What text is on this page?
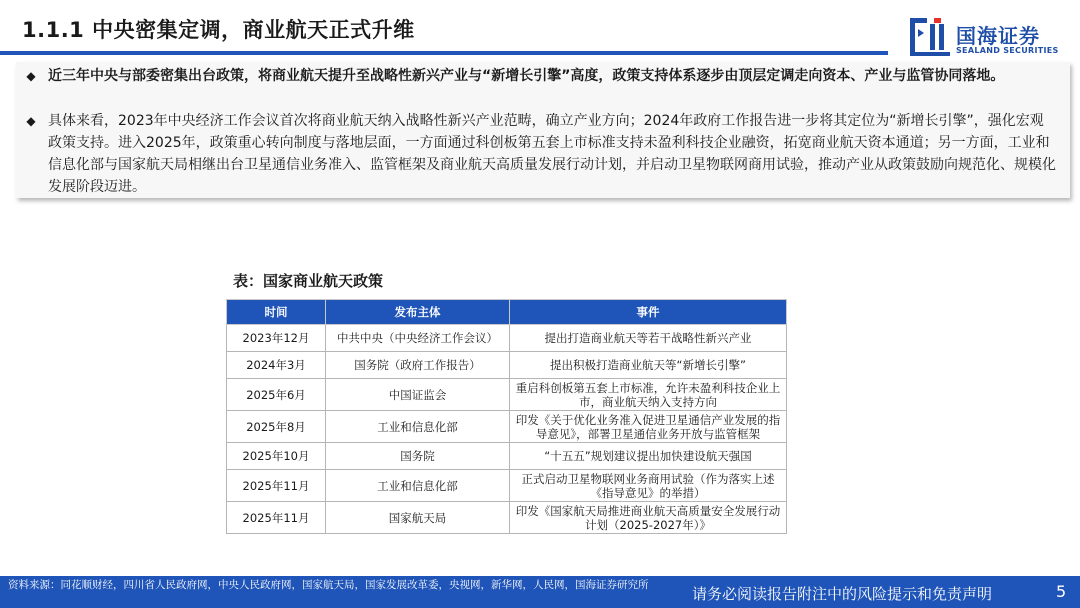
1.1.1 中央密集定调，商业航天正式升维	国海证券
SEALAND SECURITIES
◆ 近三年中央与部委密集出台政策，将商业航天提升至战略性新兴产业与“新增长引擎”高度，政策支持体系逐步由顶层定调走向资本、产业与监管协同落地。
◆ 具体来看，2023年中央经济工作会议首次将商业航天纳入战略性新兴产业范畴，确立产业方向；2024年政府工作报告进一步将其定位为“新增长引擎”，强化宏观政策支持。进入2025年，政策重心转向制度与落地层面，一方面通过科创板第五套上市标准支持未盈利科技企业融资，拓宽商业航天资本通道；另一方面，工业和信息化部与国家航天局相继出台卫星通信业务准入、监管框架及商业航天高质量发展行动计划，并启动卫星物联网商用试验，推动产业从政策鼓励向规范化、规模化发展阶段迈进。
表：国家商业航天政策
时间	发布主体	事件
2023年12月	中共中央（中央经济工作会议）	提出打造商业航天等若干战略性新兴产业
2024年3月	国务院（政府工作报告）	提出积极打造商业航天等“新增长引擎”
2025年6月	中国证监会	重启科创板第五套上市标准，允许未盈利科技企业上市，商业航天纳入支持方向
2025年8月	工业和信息化部	印发《关于优化业务准入促进卫星通信产业发展的指导意见》，部署卫星通信业务开放与监管框架
2025年10月	国务院	“十五五”规划建议提出加快建设航天强国
2025年11月	工业和信息化部	正式启动卫星物联网业务商用试验（作为落实上述《指导意见》的举措）
2025年11月	国家航天局	印发《国家航天局推进商业航天高质量安全发展行动计划（2025-2027年）》
资料来源：同花顺财经，四川省人民政府网，中央人民政府网，国家航天局，国家发展改革委，央视网，新华网，人民网，国海证券研究所	请务必阅读报告附注中的风险提示和免责声明	5
